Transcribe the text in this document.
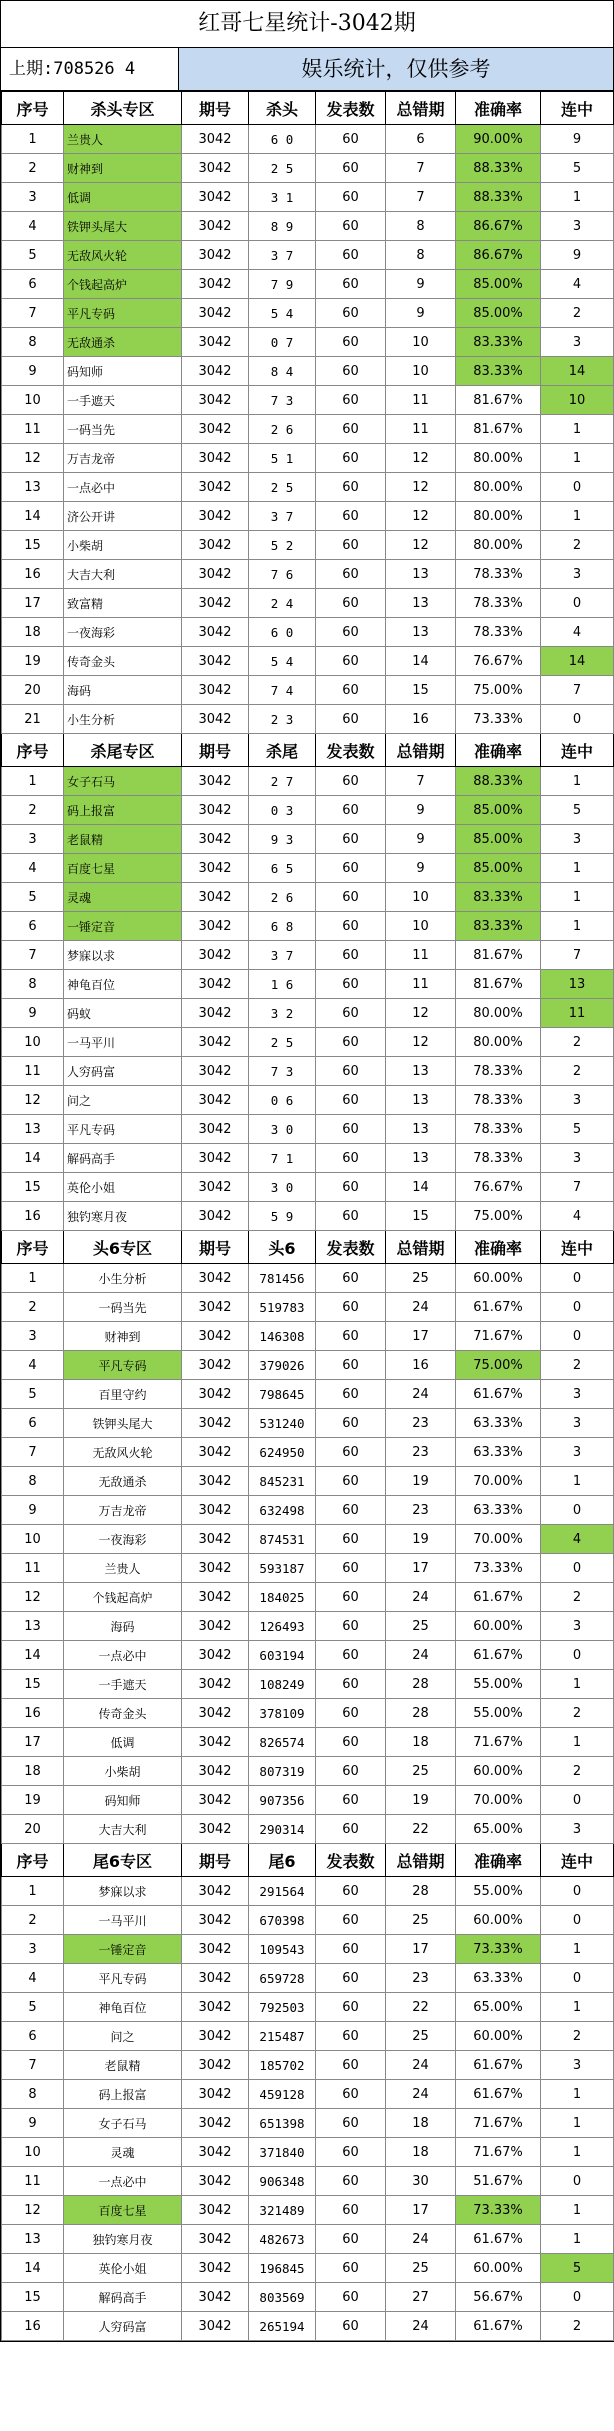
红哥七星统计-3042期
上期:708526 4	娱乐统计，仅供参考
序号	杀头专区	期号	杀头	发表数	总错期	准确率	连中
1	兰贵人	3042	6 0	60	6	90.00%	9
2	财神到	3042	2 5	60	7	88.33%	5
3	低调	3042	3 1	60	7	88.33%	1
4	铁钾头尾大	3042	8 9	60	8	86.67%	3
5	无敌风火轮	3042	3 7	60	8	86.67%	9
6	个钱起高炉	3042	7 9	60	9	85.00%	4
7	平凡专码	3042	5 4	60	9	85.00%	2
8	无敌通杀	3042	0 7	60	10	83.33%	3
9	码知师	3042	8 4	60	10	83.33%	14
10	一手遮天	3042	7 3	60	11	81.67%	10
11	一码当先	3042	2 6	60	11	81.67%	1
12	万吉龙帝	3042	5 1	60	12	80.00%	1
13	一点必中	3042	2 5	60	12	80.00%	0
14	济公开讲	3042	3 7	60	12	80.00%	1
15	小柴胡	3042	5 2	60	12	80.00%	2
16	大吉大利	3042	7 6	60	13	78.33%	3
17	致富精	3042	2 4	60	13	78.33%	0
18	一夜海彩	3042	6 0	60	13	78.33%	4
19	传奇金头	3042	5 4	60	14	76.67%	14
20	海码	3042	7 4	60	15	75.00%	7
21	小生分析	3042	2 3	60	16	73.33%	0
序号	杀尾专区	期号	杀尾	发表数	总错期	准确率	连中
1	女子石马	3042	2 7	60	7	88.33%	1
2	码上报富	3042	0 3	60	9	85.00%	5
3	老鼠精	3042	9 3	60	9	85.00%	3
4	百度七星	3042	6 5	60	9	85.00%	1
5	灵魂	3042	2 6	60	10	83.33%	1
6	一锤定音	3042	6 8	60	10	83.33%	1
7	梦寐以求	3042	3 7	60	11	81.67%	7
8	神龟百位	3042	1 6	60	11	81.67%	13
9	码蚁	3042	3 2	60	12	80.00%	11
10	一马平川	3042	2 5	60	12	80.00%	2
11	人穷码富	3042	7 3	60	13	78.33%	2
12	问之	3042	0 6	60	13	78.33%	3
13	平凡专码	3042	3 0	60	13	78.33%	5
14	解码高手	3042	7 1	60	13	78.33%	3
15	英伦小姐	3042	3 0	60	14	76.67%	7
16	独钓寒月夜	3042	5 9	60	15	75.00%	4
序号	头6专区	期号	头6	发表数	总错期	准确率	连中
1	小生分析	3042	781456	60	25	60.00%	0
2	一码当先	3042	519783	60	24	61.67%	0
3	财神到	3042	146308	60	17	71.67%	0
4	平凡专码	3042	379026	60	16	75.00%	2
5	百里守约	3042	798645	60	24	61.67%	3
6	铁钾头尾大	3042	531240	60	23	63.33%	3
7	无敌风火轮	3042	624950	60	23	63.33%	3
8	无敌通杀	3042	845231	60	19	70.00%	1
9	万吉龙帝	3042	632498	60	23	63.33%	0
10	一夜海彩	3042	874531	60	19	70.00%	4
11	兰贵人	3042	593187	60	17	73.33%	0
12	个钱起高炉	3042	184025	60	24	61.67%	2
13	海码	3042	126493	60	25	60.00%	3
14	一点必中	3042	603194	60	24	61.67%	0
15	一手遮天	3042	108249	60	28	55.00%	1
16	传奇金头	3042	378109	60	28	55.00%	2
17	低调	3042	826574	60	18	71.67%	1
18	小柴胡	3042	807319	60	25	60.00%	2
19	码知师	3042	907356	60	19	70.00%	0
20	大吉大利	3042	290314	60	22	65.00%	3
序号	尾6专区	期号	尾6	发表数	总错期	准确率	连中
1	梦寐以求	3042	291564	60	28	55.00%	0
2	一马平川	3042	670398	60	25	60.00%	0
3	一锤定音	3042	109543	60	17	73.33%	1
4	平凡专码	3042	659728	60	23	63.33%	0
5	神龟百位	3042	792503	60	22	65.00%	1
6	问之	3042	215487	60	25	60.00%	2
7	老鼠精	3042	185702	60	24	61.67%	3
8	码上报富	3042	459128	60	24	61.67%	1
9	女子石马	3042	651398	60	18	71.67%	1
10	灵魂	3042	371840	60	18	71.67%	1
11	一点必中	3042	906348	60	30	51.67%	0
12	百度七星	3042	321489	60	17	73.33%	1
13	独钓寒月夜	3042	482673	60	24	61.67%	1
14	英伦小姐	3042	196845	60	25	60.00%	5
15	解码高手	3042	803569	60	27	56.67%	0
16	人穷码富	3042	265194	60	24	61.67%	2
